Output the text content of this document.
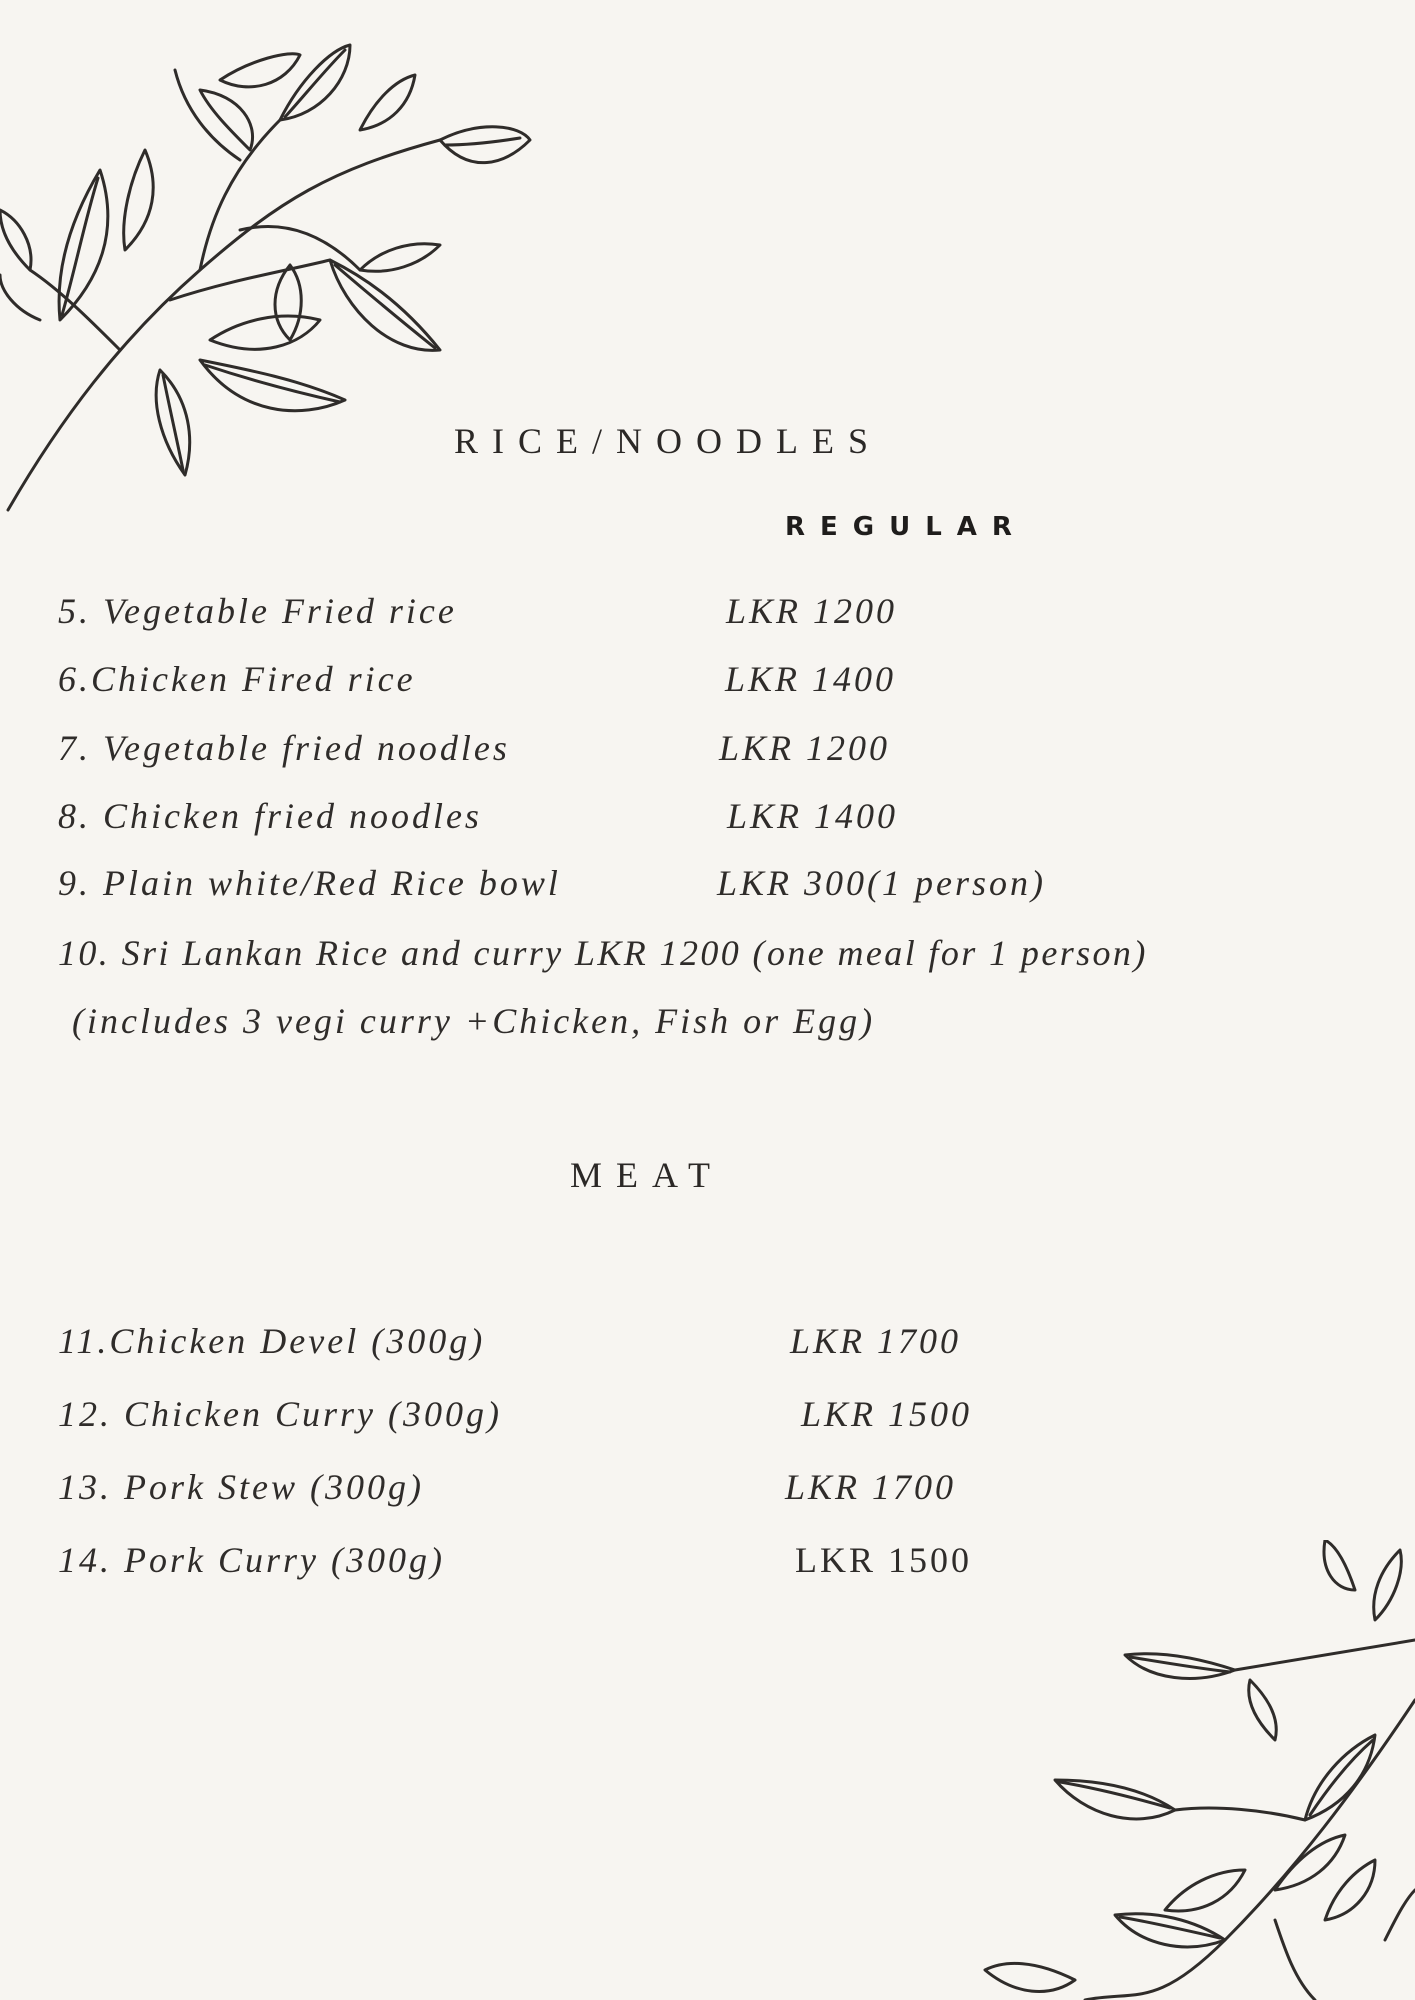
RICE/NOODLES
REGULAR
5. Vegetable Fried rice	LKR 1200
6.Chicken Fired rice	LKR 1400
7. Vegetable fried noodles	LKR 1200
8. Chicken fried noodles	LKR 1400
9. Plain white/Red Rice bowl	LKR 300(1 person)
10. Sri Lankan Rice and curry LKR 1200 (one meal for 1 person)
(includes 3 vegi curry +Chicken, Fish or Egg)
MEAT
11.Chicken Devel (300g)	LKR 1700
12. Chicken Curry (300g)	LKR 1500
13. Pork Stew (300g)	LKR 1700
14. Pork Curry (300g)	LKR 1500
